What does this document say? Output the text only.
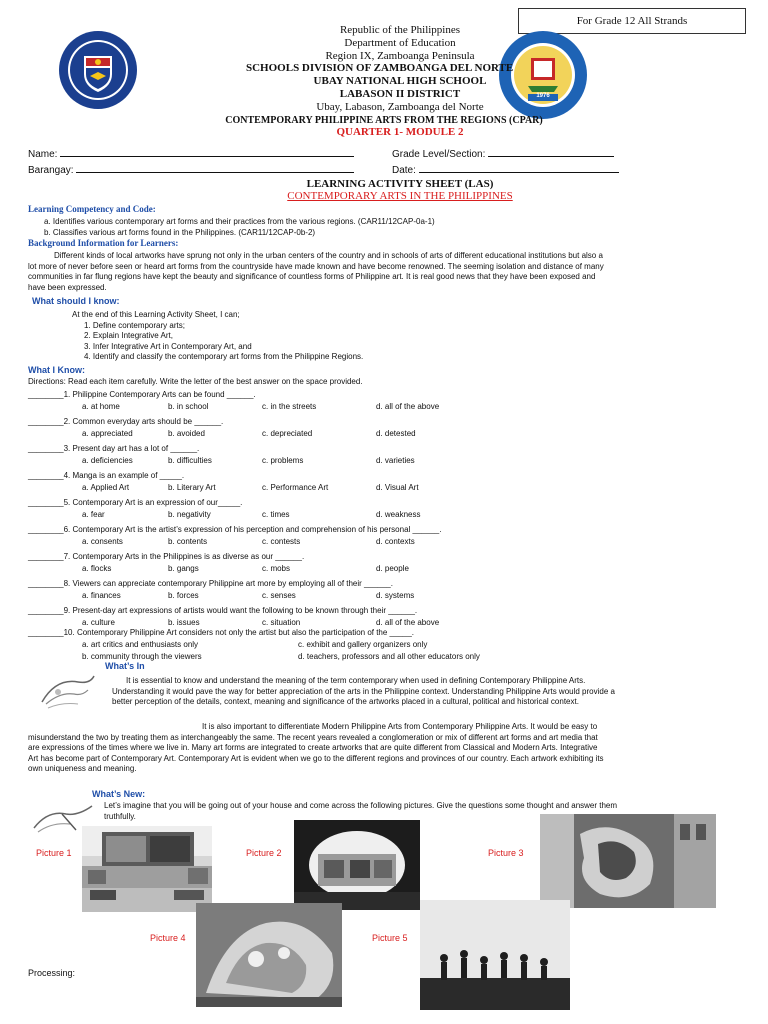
For Grade 12 All Strands
1976
Republic of the Philippines
Department of Education
Region IX, Zamboanga Peninsula
SCHOOLS DIVISION OF ZAMBOANGA DEL NORTE
UBAY NATIONAL HIGH SCHOOL
LABASON II DISTRICT
Ubay, Labason, Zamboanga del Norte
CONTEMPORARY PHILIPPINE ARTS FROM THE REGIONS (CPAR)
QUARTER 1- MODULE 2
Name:	Grade Level/Section:
Barangay:	Date:
LEARNING ACTIVITY SHEET (LAS)
CONTEMPORARY ARTS IN THE PHILIPPINES
Learning Competency and Code:
a. Identifies various contemporary art forms and their practices from the various regions. (CAR11/12CAP-0a-1)
b. Classifies various art forms found in the Philippines. (CAR11/12CAP-0b-2)
Background Information for Learners:
Different kinds of local artworks have sprung not only in the urban centers of the country and in schools of arts of different educational institutions but also a
lot more of never before seen or heard art forms from the countryside have made known and have become renowned. The seeming isolation and distance of many
communities in far flung regions have kept the beauty and significance of countless forms of Philippine art. It is real good news that they have been exposed and
have been expressed.
What should I know:
At the end of this Learning Activity Sheet, I can;
1. Define contemporary arts;
2. Explain Integrative Art,
3. Infer Integrative Art in Contemporary Art, and
4. Identify and classify the contemporary art forms from the Philippine Regions.
What I Know:
Directions: Read each item carefully. Write the letter of the best answer on the space provided.
________1. Philippine Contemporary Arts can be found ______.
a. at home	b. in school	c. in the streets	d. all of the above
________2. Common everyday arts should be ______.
a. appreciated	b. avoided	c. depreciated	d. detested
________3. Present day art has a lot of ______.
a. deficiencies	b. difficulties	c. problems	d. varieties
________4. Manga is an example of _____.
a. Applied Art	b. Literary Art	c. Performance Art	d. Visual Art
________5. Contemporary Art is an expression of our_____.
a. fear	b. negativity	c. times	d. weakness
________6. Contemporary Art is the artist’s expression of his perception and comprehension of his personal ______.
a. consents	b. contents	c. contests	d. contexts
________7. Contemporary Arts in the Philippines is as diverse as our ______.
a. flocks	b. gangs	c. mobs	d. people
________8. Viewers can appreciate contemporary Philippine art more by employing all of their ______.
a. finances	b. forces	c. senses	d. systems
________9. Present-day art expressions of artists would want the following to be known through their ______.
a. culture	b. issues	c. situation	d. all of the above
________10. Contemporary Philippine Art considers not only the artist but also the participation of the _____.
a. art critics and enthusiasts only	c. exhibit and gallery organizers only
b. community through the viewers	d. teachers, professors and all other educators only
What’s In
It is essential to know and understand the meaning of the term contemporary when used in defining Contemporary Philippine Arts.
Understanding it would pave the way for better appreciation of the arts in the Philippine context. Understanding Philippine Arts would provide a
better perception of the details, context, meaning and significance of the artworks placed in a cultural, political and historical context.
It is also important to differentiate Modern Philippine Arts from Contemporary Philippine Arts. It would be easy to
misunderstand the two by treating them as interchangeably the same. The recent years revealed a conglomeration or mix of different art forms and art media that
are expressions of the times where we live in. Many art forms are integrated to create artworks that are quite different from Classical and Modern Arts. Integrative
Art has become part of Contemporary Art. Contemporary Art is evident when we go to the different regions and provinces of our country. Each artwork exhibiting its
own uniqueness and meaning.
What’s New:
Let’s imagine that you will be going out of your house and come across the following pictures. Give the questions some thought and answer them
truthfully.
Picture 1	Picture 2	Picture 3
Picture 4	Picture 5
Processing:
